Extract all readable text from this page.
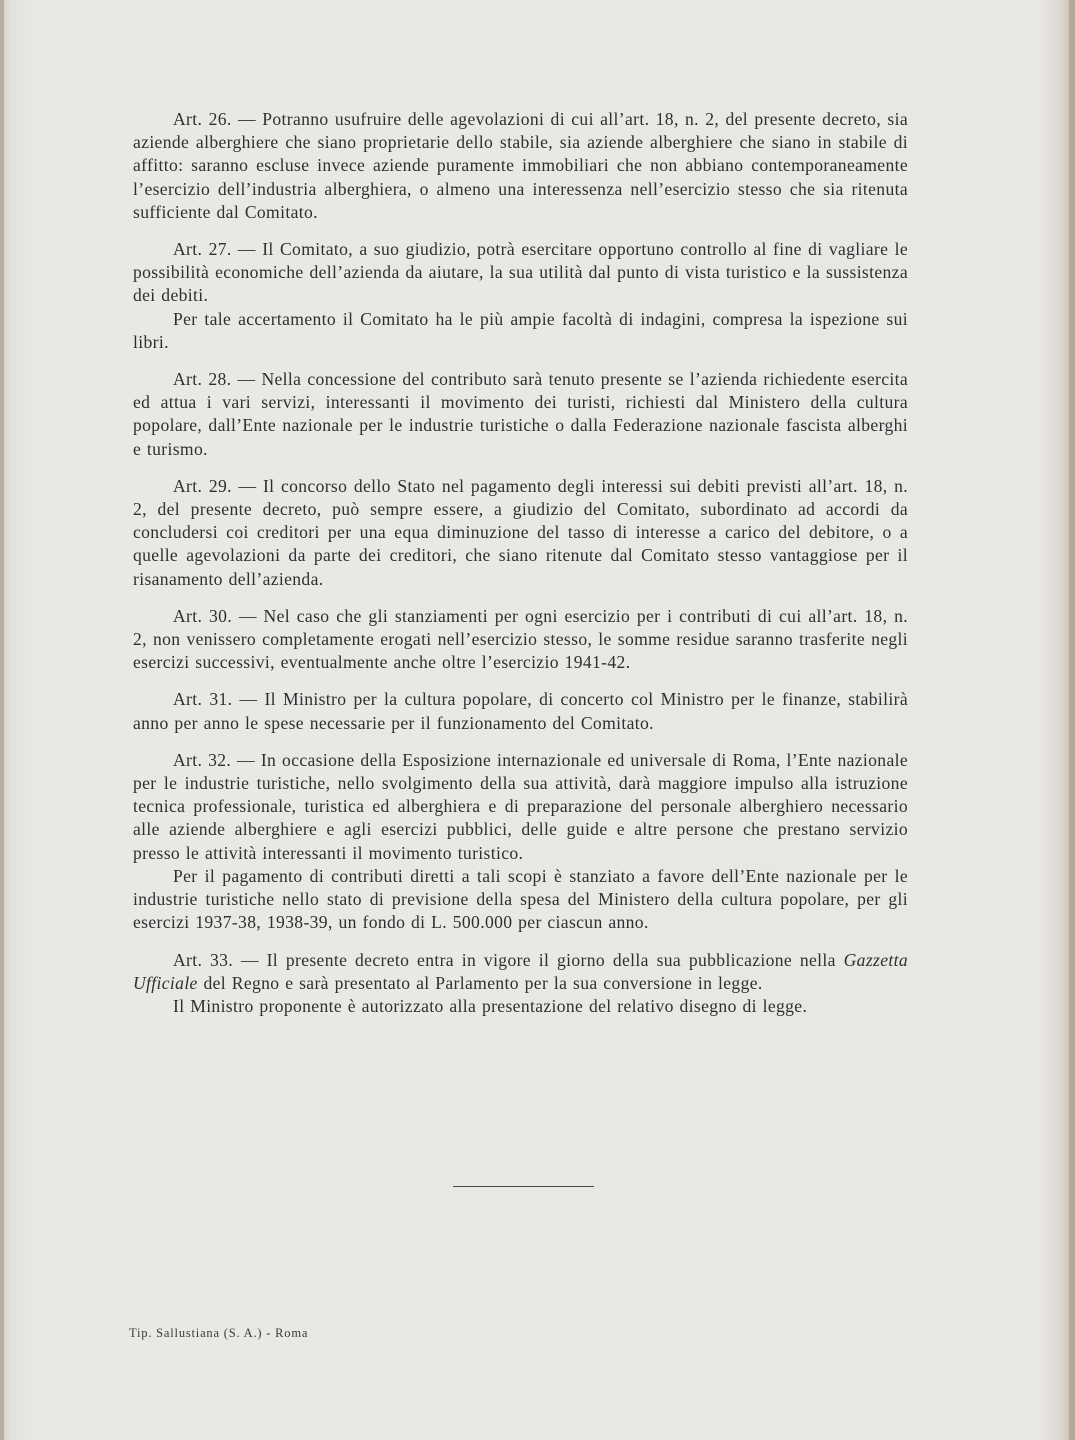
Art. 26. — Potranno usufruire delle agevolazioni di cui all’art. 18, n. 2, del presente decreto, sia aziende alberghiere che siano proprietarie dello stabile, sia aziende alberghiere che siano in stabile di affitto: saranno escluse invece aziende puramente immobiliari che non abbiano contemporaneamente l’esercizio dell’industria alberghiera, o almeno una interessenza nell’esercizio stesso che sia ritenuta sufficiente dal Comitato.

Art. 27. — Il Comitato, a suo giudizio, potrà esercitare opportuno controllo al fine di vagliare le possibilità economiche dell’azienda da aiutare, la sua utilità dal punto di vista turistico e la sussistenza dei debiti.

Per tale accertamento il Comitato ha le più ampie facoltà di indagini, compresa la ispezione sui libri.

Art. 28. — Nella concessione del contributo sarà tenuto presente se l’azienda richiedente esercita ed attua i vari servizi, interessanti il movimento dei turisti, richiesti dal Ministero della cultura popolare, dall’Ente nazionale per le industrie turistiche o dalla Federazione nazionale fascista alberghi e turismo.

Art. 29. — Il concorso dello Stato nel pagamento degli interessi sui debiti previsti all’art. 18, n. 2, del presente decreto, può sempre essere, a giudizio del Comitato, subordinato ad accordi da concludersi coi creditori per una equa diminuzione del tasso di interesse a carico del debitore, o a quelle agevolazioni da parte dei creditori, che siano ritenute dal Comitato stesso vantaggiose per il risanamento dell’azienda.

Art. 30. — Nel caso che gli stanziamenti per ogni esercizio per i contributi di cui all’art. 18, n. 2, non venissero completamente erogati nell’esercizio stesso, le somme residue saranno trasferite negli esercizi successivi, eventualmente anche oltre l’esercizio 1941-42.

Art. 31. — Il Ministro per la cultura popolare, di concerto col Ministro per le finanze, stabilirà anno per anno le spese necessarie per il funzionamento del Comitato.

Art. 32. — In occasione della Esposizione internazionale ed universale di Roma, l’Ente nazionale per le industrie turistiche, nello svolgimento della sua attività, darà maggiore impulso alla istruzione tecnica professionale, turistica ed alberghiera e di preparazione del personale alberghiero necessario alle aziende alberghiere e agli esercizi pubblici, delle guide e altre persone che prestano servizio presso le attività interessanti il movimento turistico.

Per il pagamento di contributi diretti a tali scopi è stanziato a favore dell’Ente nazionale per le industrie turistiche nello stato di previsione della spesa del Ministero della cultura popolare, per gli esercizi 1937-38, 1938-39, un fondo di L. 500.000 per ciascun anno.

Art. 33. — Il presente decreto entra in vigore il giorno della sua pubblicazione nella Gazzetta Ufficiale del Regno e sarà presentato al Parlamento per la sua conversione in legge.

Il Ministro proponente è autorizzato alla presentazione del relativo disegno di legge.

Tip. Sallustiana (S. A.) - Roma
